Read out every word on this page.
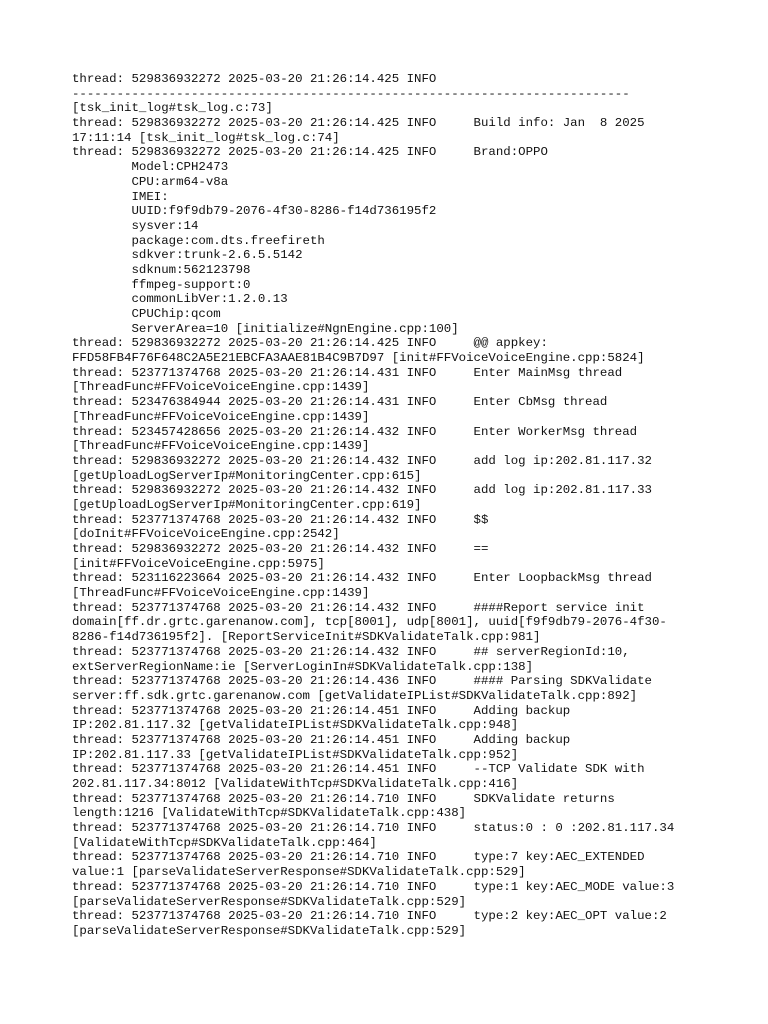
thread: 529836932272 2025-03-20 21:26:14.425 INFO
---------------------------------------------------------------------------
[tsk_init_log#tsk_log.c:73]
thread: 529836932272 2025-03-20 21:26:14.425 INFO     Build info: Jan  8 2025
17:11:14 [tsk_init_log#tsk_log.c:74]
thread: 529836932272 2025-03-20 21:26:14.425 INFO     Brand:OPPO
Model:CPH2473
CPU:arm64-v8a
IMEI:
UUID:f9f9db79-2076-4f30-8286-f14d736195f2
sysver:14
package:com.dts.freefireth
sdkver:trunk-2.6.5.5142
sdknum:562123798
ffmpeg-support:0
commonLibVer:1.2.0.13
CPUChip:qcom
ServerArea=10 [initialize#NgnEngine.cpp:100]
thread: 529836932272 2025-03-20 21:26:14.425 INFO     @@ appkey:
FFD58FB4F76F648C2A5E21EBCFA3AAE81B4C9B7D97 [init#FFVoiceVoiceEngine.cpp:5824]
thread: 523771374768 2025-03-20 21:26:14.431 INFO     Enter MainMsg thread
[ThreadFunc#FFVoiceVoiceEngine.cpp:1439]
thread: 523476384944 2025-03-20 21:26:14.431 INFO     Enter CbMsg thread
[ThreadFunc#FFVoiceVoiceEngine.cpp:1439]
thread: 523457428656 2025-03-20 21:26:14.432 INFO     Enter WorkerMsg thread
[ThreadFunc#FFVoiceVoiceEngine.cpp:1439]
thread: 529836932272 2025-03-20 21:26:14.432 INFO     add log ip:202.81.117.32
[getUploadLogServerIp#MonitoringCenter.cpp:615]
thread: 529836932272 2025-03-20 21:26:14.432 INFO     add log ip:202.81.117.33
[getUploadLogServerIp#MonitoringCenter.cpp:619]
thread: 523771374768 2025-03-20 21:26:14.432 INFO     $$
[doInit#FFVoiceVoiceEngine.cpp:2542]
thread: 529836932272 2025-03-20 21:26:14.432 INFO     ==
[init#FFVoiceVoiceEngine.cpp:5975]
thread: 523116223664 2025-03-20 21:26:14.432 INFO     Enter LoopbackMsg thread
[ThreadFunc#FFVoiceVoiceEngine.cpp:1439]
thread: 523771374768 2025-03-20 21:26:14.432 INFO     ####Report service init
domain[ff.dr.grtc.garenanow.com], tcp[8001], udp[8001], uuid[f9f9db79-2076-4f30-
8286-f14d736195f2]. [ReportServiceInit#SDKValidateTalk.cpp:981]
thread: 523771374768 2025-03-20 21:26:14.432 INFO     ## serverRegionId:10,
extServerRegionName:ie [ServerLoginIn#SDKValidateTalk.cpp:138]
thread: 523771374768 2025-03-20 21:26:14.436 INFO     #### Parsing SDKValidate
server:ff.sdk.grtc.garenanow.com [getValidateIPList#SDKValidateTalk.cpp:892]
thread: 523771374768 2025-03-20 21:26:14.451 INFO     Adding backup
IP:202.81.117.32 [getValidateIPList#SDKValidateTalk.cpp:948]
thread: 523771374768 2025-03-20 21:26:14.451 INFO     Adding backup
IP:202.81.117.33 [getValidateIPList#SDKValidateTalk.cpp:952]
thread: 523771374768 2025-03-20 21:26:14.451 INFO     --TCP Validate SDK with
202.81.117.34:8012 [ValidateWithTcp#SDKValidateTalk.cpp:416]
thread: 523771374768 2025-03-20 21:26:14.710 INFO     SDKValidate returns
length:1216 [ValidateWithTcp#SDKValidateTalk.cpp:438]
thread: 523771374768 2025-03-20 21:26:14.710 INFO     status:0 : 0 :202.81.117.34
[ValidateWithTcp#SDKValidateTalk.cpp:464]
thread: 523771374768 2025-03-20 21:26:14.710 INFO     type:7 key:AEC_EXTENDED
value:1 [parseValidateServerResponse#SDKValidateTalk.cpp:529]
thread: 523771374768 2025-03-20 21:26:14.710 INFO     type:1 key:AEC_MODE value:3
[parseValidateServerResponse#SDKValidateTalk.cpp:529]
thread: 523771374768 2025-03-20 21:26:14.710 INFO     type:2 key:AEC_OPT value:2
[parseValidateServerResponse#SDKValidateTalk.cpp:529]
